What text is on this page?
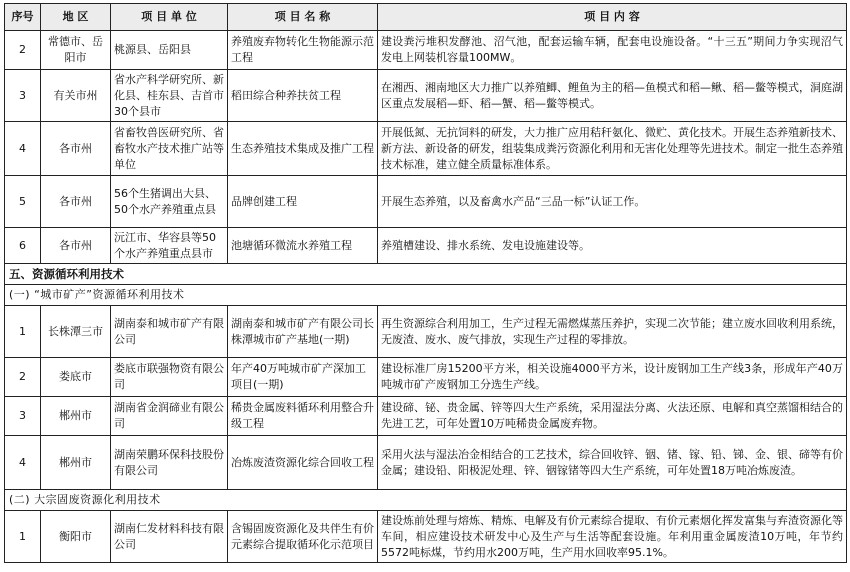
序号	地 区	项 目 单 位	项 目 名 称	项 目 内 容
2	常德市、岳阳市	桃源县、岳阳县	养殖废弃物转化生物能源示范工程	建设粪污堆积发酵池、沼气池，配套运输车辆，配套电设施设备。“十三五”期间力争实现沼气发电上网装机容量100MW。
3	有关市州	省水产科学研究所、新化县、桂东县、吉首市30个县市	稻田综合种养扶贫工程	在湘西、湘南地区大力推广以养殖鲫、鲤鱼为主的稻—鱼模式和稻—鳅、稻—鳖等模式，洞庭湖区重点发展稻—虾、稻—蟹、稻—鳖等模式。
4	各市州	省畜牧兽医研究所、省畜牧水产技术推广站等单位	生态养殖技术集成及推广工程	开展低氮、无抗饲料的研发，大力推广应用秸秆氨化、微贮、黄化技术。开展生态养殖新技术、新方法、新设备的研发，组装集成粪污资源化利用和无害化处理等先进技术。制定一批生态养殖技术标准，建立健全质量标准体系。
5	各市州	56个生猪调出大县、50个水产养殖重点县	品牌创建工程	开展生态养殖，以及畜禽水产品“三品一标”认证工作。
6	各市州	沅江市、华容县等50个水产养殖重点县市	池塘循环微流水养殖工程	养殖槽建设、排水系统、发电设施建设等。
五、资源循环利用技术				
(一) “城市矿产”资源循环利用技术				
1	长株潭三市	湖南泰和城市矿产有限公司	湖南泰和城市矿产有限公司长株潭城市矿产基地(一期)	再生资源综合利用加工，生产过程无需燃煤蒸压养护，实现二次节能；建立废水回收利用系统，无废渣、废水、废气排放，实现生产过程的零排放。
2	娄底市	娄底市联强物资有限公司	年产40万吨城市矿产深加工项目(一期)	建设标准厂房15200平方米，相关设施4000平方米，设计废钢加工生产线3条，形成年产40万吨城市矿产废钢加工分选生产线。
3	郴州市	湖南省金润碲业有限公司	稀贵金属废料循环利用整合升级工程	建设碲、铋、贵金属、锌等四大生产系统，采用湿法分离、火法还原、电解和真空蒸馏相结合的先进工艺，可年处置10万吨稀贵金属废弃物。
4	郴州市	湖南荣鹏环保科技股份有限公司	冶炼废渣资源化综合回收工程	采用火法与湿法冶金相结合的工艺技术，综合回收锌、铟、锗、镓、铅、锑、金、银、碲等有价金属；建设铅、阳极泥处理、锌、铟镓锗等四大生产系统，可年处置18万吨冶炼废渣。
(二) 大宗固废资源化利用技术				
1	衡阳市	湖南仁发材料科技有限公司	含锡固废资源化及共伴生有价元素综合提取循环化示范项目	建设炼前处理与熔炼、精炼、电解及有价元素综合提取、有价元素烟化挥发富集与弃渣资源化等车间，相应建设技术研发中心及生产与生活等配套设施。年利用重金属废渣10万吨，年节约5572吨标煤，节约用水200万吨，生产用水回收率95.1%。
